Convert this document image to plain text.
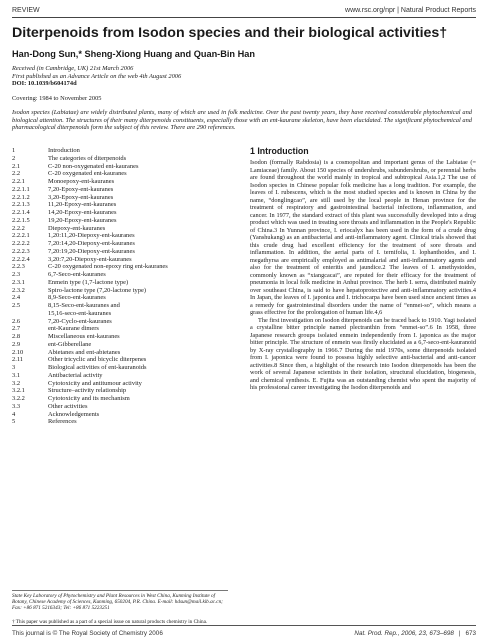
REVIEW	www.rsc.org/npr | Natural Product Reports
Diterpenoids from Isodon species and their biological activities†
Han-Dong Sun,* Sheng-Xiong Huang and Quan-Bin Han
Received (in Cambridge, UK) 21st March 2006
First published as an Advance Article on the web 4th August 2006
DOI: 10.1039/b604174d
Covering: 1984 to November 2005
Isodon species (Labiatae) are widely distributed plants, many of which are used in folk medicine. Over the past twenty years, they have received considerable phytochemical and biological attention. The structures of their many diterpenoids constituents, especially those with an ent-kaurane skeleton, have been elucidated. The significant phytochemical and pharmacological diterpenoids form the subject of this review. There are 290 references.
1	Introduction
2	The categories of diterpenoids
2.1	C-20 non-oxygenated ent-kauranes
2.2	C-20 oxygenated ent-kauranes
2.2.1	Monoepoxy-ent-kauranes
2.2.1.1	7,20-Epoxy-ent-kauranes
2.2.1.2	3,20-Epoxy-ent-kauranes
2.2.1.3	11,20-Epoxy-ent-kauranes
2.2.1.4	14,20-Epoxy-ent-kauranes
2.2.1.5	19,20-Epoxy-ent-kauranes
2.2.2	Diepoxy-ent-kauranes
2.2.2.1	1,20:11,20-Diepoxy-ent-kauranes
2.2.2.2	7,20:14,20-Diepoxy-ent-kauranes
2.2.2.3	7,20:19,20-Diepoxy-ent-kauranes
2.2.2.4	3,20:7,20-Diepoxy-ent-kauranes
2.2.3	C-20 oxygenated non-epoxy ring ent-kauranes
2.3	6,7-Seco-ent-kauranes
2.3.1	Enmein type (1,7-lactone type)
2.3.2	Spiro-lactone type (7,20-lactone type)
2.4	8,9-Seco-ent-kauranes
2.5	8,15-Seco-ent-kauranes and
15,16-seco-ent-kauranes
2.6	7,20-Cyclo-ent-kauranes
2.7	ent-Kaurane dimers
2.8	Miscellaneous ent-kauranes
2.9	ent-Gibberellane
2.10	Abietanes and ent-abietanes
2.11	Other tricyclic and bicyclic diterpenes
3	Biological activities of ent-kauranoids
3.1	Antibacterial activity
3.2	Cytotoxicity and antitumour activity
3.2.1	Structure–activity relationship
3.2.2	Cytotoxicity and its mechanism
3.3	Other activities
4	Acknowledgements
5	References
State Key Laboratory of Phytochemistry and Plant Resources in West China, Kunming Institute of Botany, Chinese Academy of Sciences, Kunming, 650204, P.R. China. E-mail: hdsun@mail.kib.ac.cn; Fax: +86 871 5216343; Tel: +86 871 5223251
† This paper was published as a part of a special issue on natural products chemistry in China.
1 Introduction

Isodon (formally Rabdosia) is a cosmopolitan and important genus of the Labiatae (= Lamiaceae) family. About 150 species of undershrubs, subundershrubs, or perennial herbs are found throughout the world mainly in tropical and subtropical Asia.1,2 The use of Isodon species in Chinese popular folk medicine has a long tradition. For example, the leaves of I. rubescens, which is the most studied species and is known in China by the name, “donglingcao”, are still used by the local people in Henan province for the treatment of respiratory and gastrointestinal bacterial infections, inflammation, and cancer. In 1977, the standard extract of this plant was successfully developed into a drug product which was used in treating sore throats and inflammation in the People's Republic of China.3 In Yunnan province, I. eriocalyx has been used in the form of a crude drug (Yanshukang) as an antibacterial and anti-inflammatory agent. Clinical trials showed that this crude drug had excellent efficiency for the treatment of sore throats and inflammation. In addition, the aerial parts of I. ternifolia, I. lophanthoides, and I. megathyrsa are empirically employed as antimalarial and anti-inflammatory agents and also for the treatment of enteritis and jaundice.2 The leaves of I. amethystoides, commonly known as “xiangcacai”, are reputed for their efficacy for the treatment of pneumonia in local folk medicine in Anhui province. The herb I. serra, distributed mainly over southeast China, is said to have hepatoprotective and anti-inflammatory activities.4 In Japan, the leaves of I. japonica and I. trichocarpa have been used since ancient times as a remedy for gastrointestinal disorders under the name of “enmei-so”, which means a grass effective for the prolongation of human life.4,6

The first investigation on Isodon diterpenoids can be traced back to 1910. Yagi isolated a crystalline bitter principle named plectranthin from “enmei-so”.6 In 1958, three Japanese research groups isolated enmein independently from I. japonica as the major bitter principle. The structure of enmein was firstly elucidated as a 6,7-seco-ent-kauranoid by X-ray crystallography in 1966.7 During the mid 1970s, some diterpenoids isolated from I. japonica were found to possess highly selective anti-bacterial and anti-cancer activities.8 Since then, a highlight of the research into Isodon diterpenoids has been the work of several Japanese scientists in their isolation, structural elucidation, biogenesis, and chemical synthesis. E. Fujita was an outstanding chemist who spent the majority of his professional career investigating the Isodon diterpenoids and

This journal is © The Royal Society of Chemistry 2006	Nat. Prod. Rep., 2006, 23, 673–698 | 673
